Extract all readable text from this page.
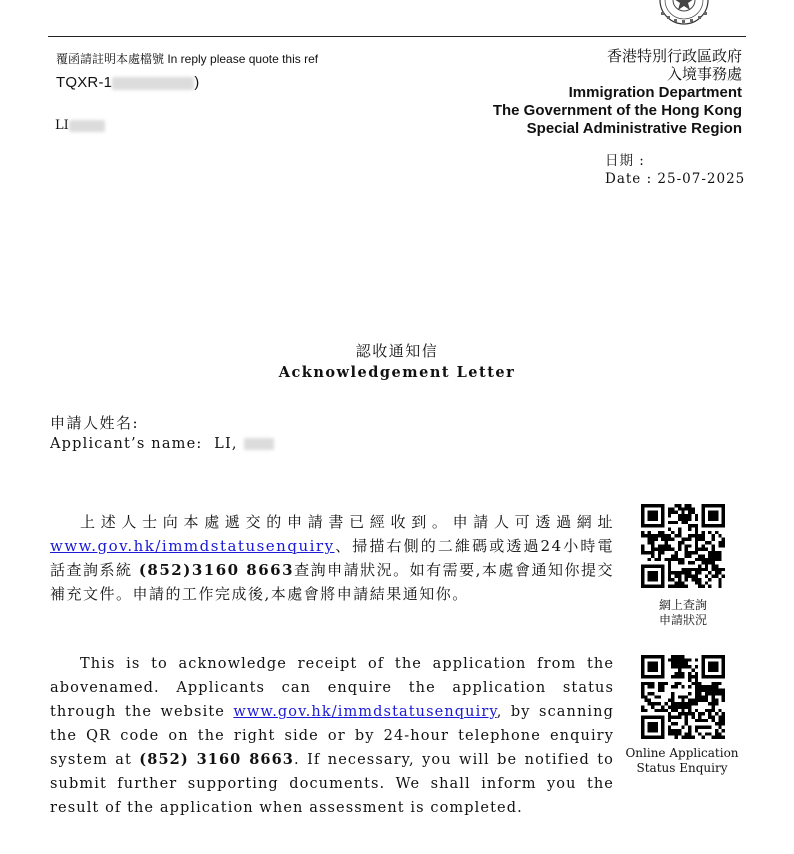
覆函請註明本處檔號 In reply please quote this ref
TQXR-1	)
LI
香港特別行政區政府
入境事務處
Immigration Department
The Government of the Hong Kong
Special Administrative Region
日期 :
Date : 25-07-2025
認收通知信
Acknowledgement Letter
申請人姓名:
Applicant’s name: LI,
上述人士向本處遞交的申請書已經收到。申請人可透過網址www.gov.hk/immdstatusenquiry、掃描右側的二維碼或透過24小時電話查詢系統 (852)3160 8663查詢申請狀況。如有需要,本處會通知你提交補充文件。申請的工作完成後,本處會將申請結果通知你。
This is to acknowledge receipt of the application from the abovenamed. Applicants can enquire the application status through the website www.gov.hk/immdstatusenquiry, by scanning the QR code on the right side or by 24-hour telephone enquiry system at (852) 3160 8663. If necessary, you will be notified to submit further supporting documents. We shall inform you the result of the application when assessment is completed.
網上查詢
申請狀況
Online Application
Status Enquiry
